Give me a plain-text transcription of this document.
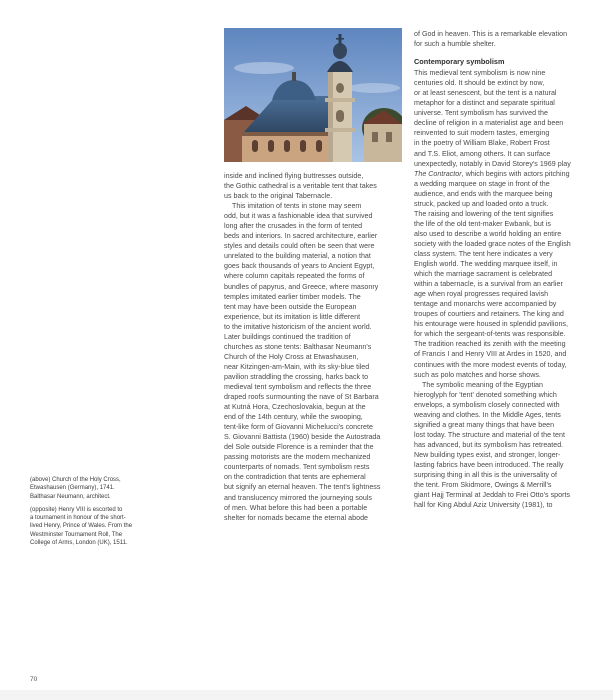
inside and inclined flying buttresses outside,
the Gothic cathedral is a veritable tent that takes
us back to the original Tabernacle.
This imitation of tents in stone may seem
odd, but it was a fashionable idea that survived
long after the crusades in the form of tented
beds and interiors. In sacred architecture, earlier
styles and details could often be seen that were
unrelated to the building material, a notion that
goes back thousands of years to Ancient Egypt,
where column capitals repeated the forms of
bundles of papyrus, and Greece, where masonry
temples imitated earlier timber models. The
tent may have been outside the European
experience, but its imitation is little different
to the imitative historicism of the ancient world.
Later buildings continued the tradition of
churches as stone tents: Balthasar Neumann's
Church of the Holy Cross at Etwashausen,
near Kitzingen-am-Main, with its sky-blue tiled
pavilion straddling the crossing, harks back to
medieval tent symbolism and reflects the three
draped roofs surmounting the nave of St Barbara
at Kutná Hora, Czechoslovakia, begun at the
end of the 14th century, while the swooping,
tent-like form of Giovanni Michelucci's concrete
S. Giovanni Battista (1960) beside the Autostrada
del Sole outside Florence is a reminder that the
passing motorists are the modern mechanized
counterparts of nomads. Tent symbolism rests
on the contradiction that tents are ephemeral
but signify an eternal heaven. The tent's lightness
and translucency mirrored the journeying souls
of men. What before this had been a portable
shelter for nomads became the eternal abode
of God in heaven. This is a remarkable elevation
for such a humble shelter.
Contemporary symbolism
This medieval tent symbolism is now nine
centuries old. It should be extinct by now,
or at least senescent, but the tent is a natural
metaphor for a distinct and separate spiritual
universe. Tent symbolism has survived the
decline of religion in a materialist age and been
reinvented to suit modern tastes, emerging
in the poetry of William Blake, Robert Frost
and T.S. Eliot, among others. It can surface
unexpectedly, notably in David Storey's 1969 play
The Contractor, which begins with actors pitching
a wedding marquee on stage in front of the
audience, and ends with the marquee being
struck, packed up and loaded onto a truck.
The raising and lowering of the tent signifies
the life of the old tent-maker Ewbank, but is
also used to describe a world holding an entire
society with the loaded grace notes of the English
class system. The tent here indicates a very
English world. The wedding marquee itself, in
which the marriage sacrament is celebrated
within a tabernacle, is a survival from an earlier
age when royal progresses required lavish
tentage and monarchs were accompanied by
troupes of courtiers and retainers. The king and
his entourage were housed in splendid pavilions,
for which the sergeant-of-tents was responsible.
The tradition reached its zenith with the meeting
of Francis I and Henry VIII at Ardes in 1520, and
continues with the more modest events of today,
such as polo matches and horse shows.
The symbolic meaning of the Egyptian
hieroglyph for 'tent' denoted something which
envelops, a symbolism closely connected with
weaving and clothes. In the Middle Ages, tents
signified a great many things that have been
lost today. The structure and material of the tent
has advanced, but its symbolism has retreated.
New building types exist, and stronger, longer-
lasting fabrics have been introduced. The really
surprising thing in all this is the universality of
the tent. From Skidmore, Owings & Merrill's
giant Hajj Terminal at Jeddah to Frei Otto's sports
hall for King Abdul Aziz University (1981), to
(above) Church of the Holy Cross,
Etwashausen (Germany), 1741.
Balthasar Neumann, architect.
(opposite) Henry VIII is escorted to
a tournament in honour of the short-
lived Henry, Prince of Wales. From the
Westminster Tournament Roll, The
College of Arms, London (UK), 1511.
70
